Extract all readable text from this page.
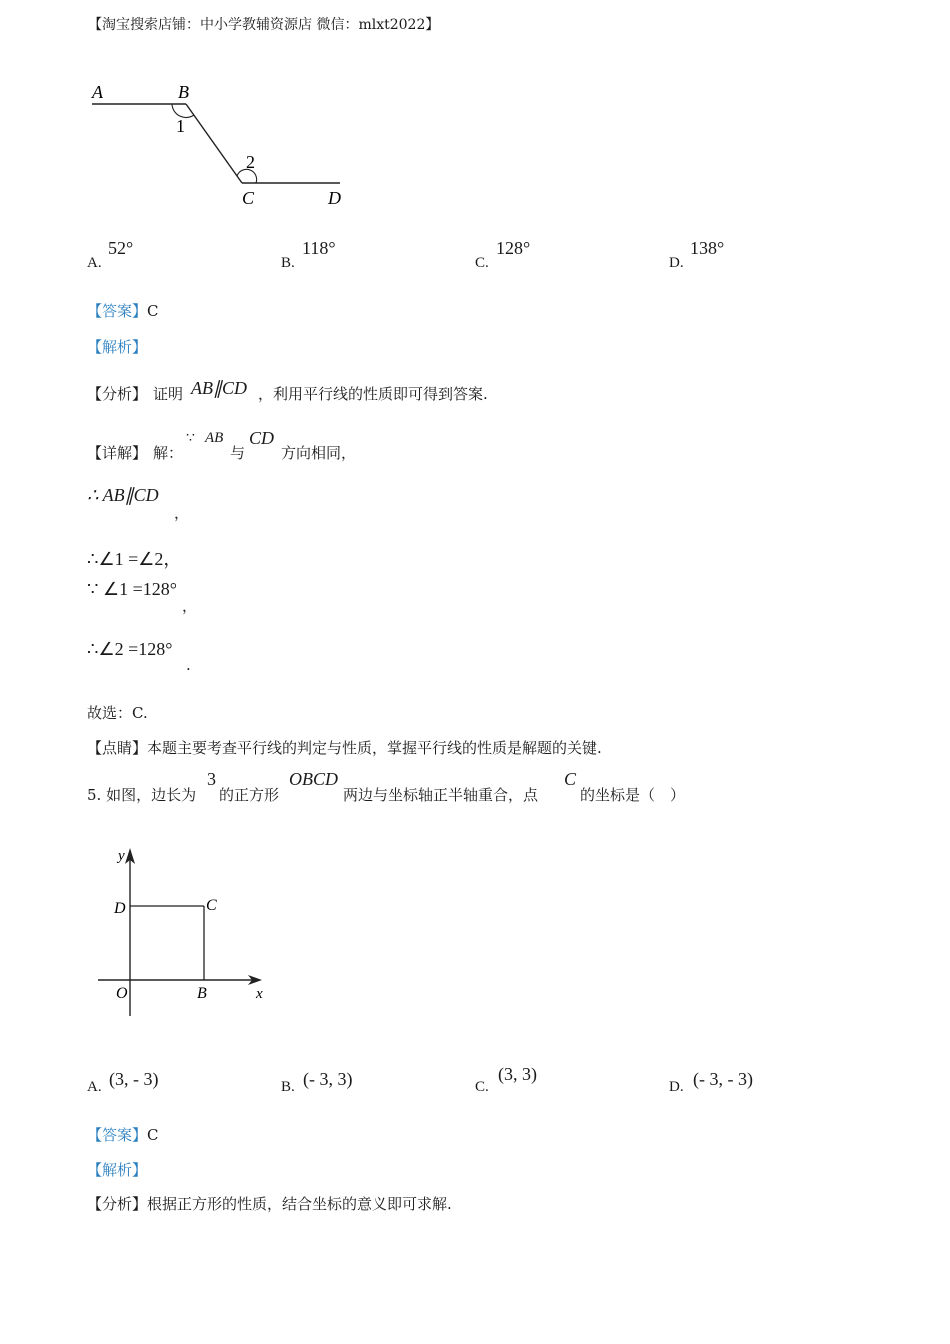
【淘宝搜索店铺：中小学教辅资源店 微信：mlxt2022】
A	B
1
2
C	D
A.
52°
B.
118°
C.
128°
D.
138°
【答案】C
【解析】
【分析】 证明 AB∥CD ，利用平行线的性质即可得到答案.
【详解】 解：
∵ AB
与
CD
方向相同，
∴ AB∥CD
，
∴∠1 =∠2，
∵ ∠1 =128°
，
∴∠2 =128°
.
故选：C.
【点睛】本题主要考查平行线的判定与性质，掌握平行线的性质是解题的关键.
5. 如图，边长为
3
的正方形
OBCD
两边与坐标轴正半轴重合，点
C
的坐标是（　）
y
x
O	B
C
D
A. (3, - 3)	B. (- 3, 3)	C.
(3, 3)
D. (- 3, - 3)
【答案】C
【解析】
【分析】根据正方形的性质，结合坐标的意义即可求解.
